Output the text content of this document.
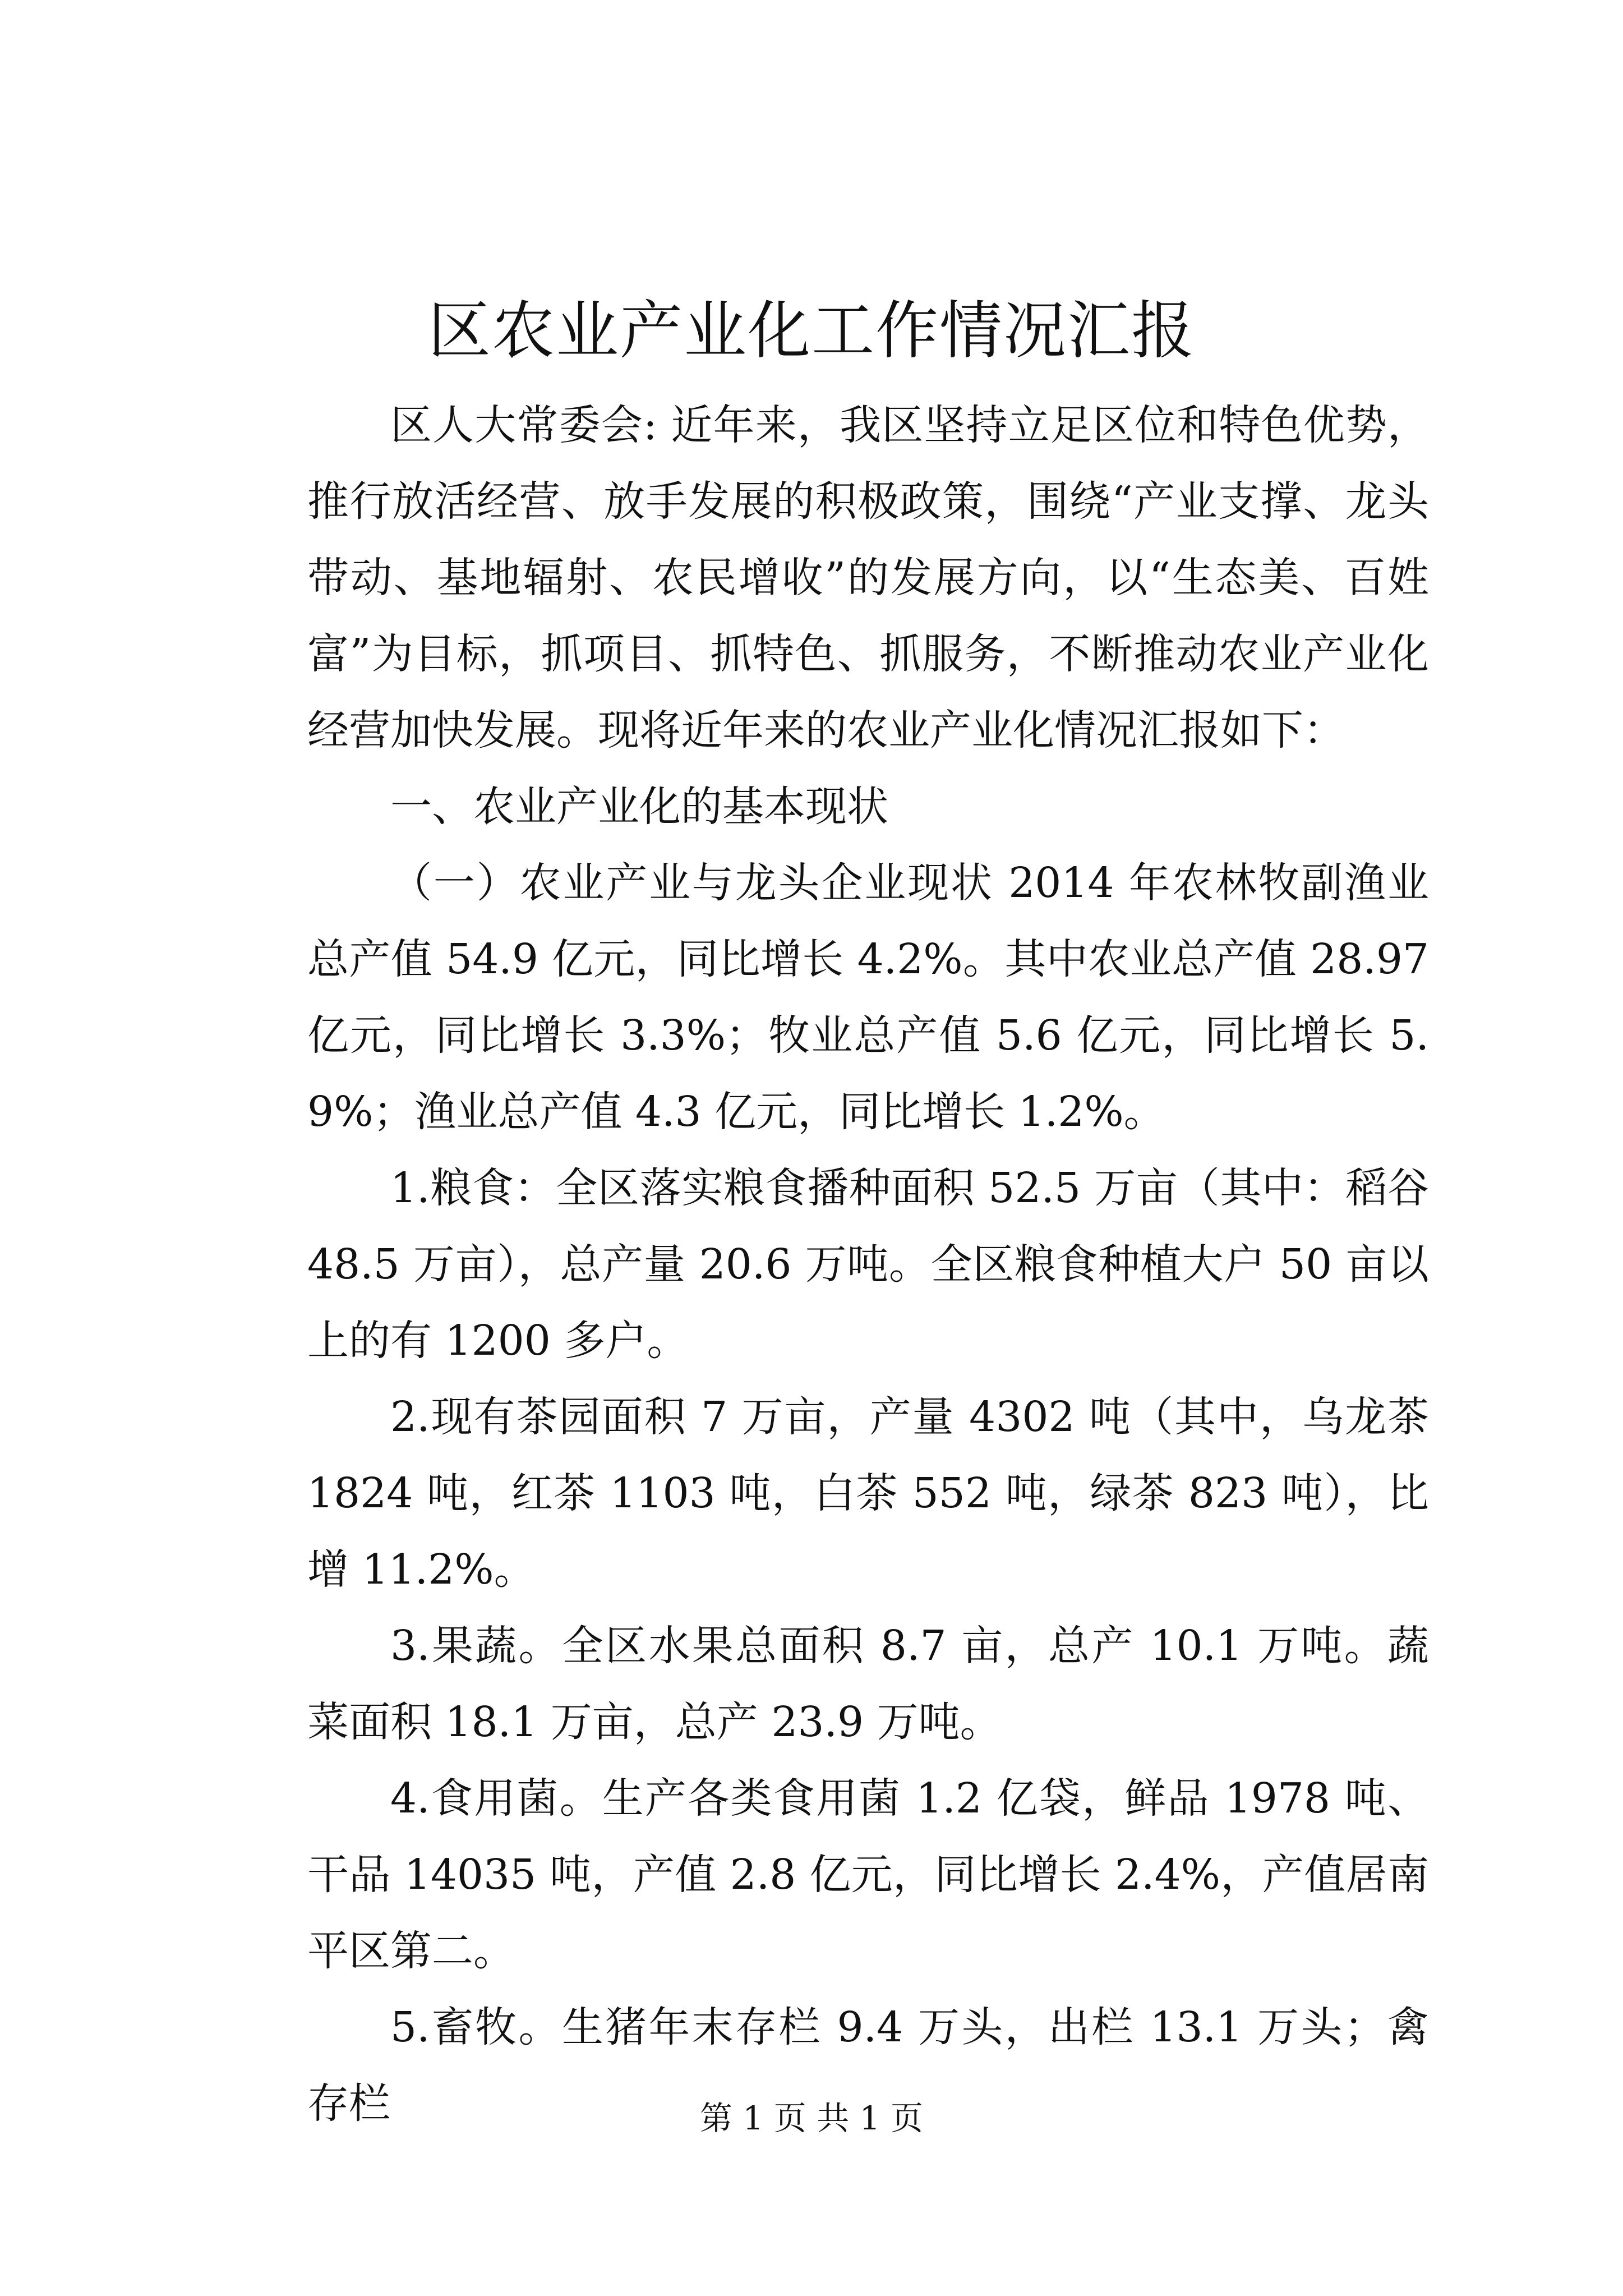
区农业产业化工作情况汇报

区人大常委会: 近年来，我区坚持立足区位和特色优势，推行放活经营、放手发展的积极政策，围绕“产业支撑、龙头带动、基地辐射、农民增收”的发展方向，以“生态美、百姓富”为目标，抓项目、抓特色、抓服务，不断推动农业产业化经营加快发展。现将近年来的农业产业化情况汇报如下：

一、农业产业化的基本现状

（一）农业产业与龙头企业现状 2014 年农林牧副渔业总产值 54.9 亿元，同比增长 4.2%。其中农业总产值 28.97 亿元，同比增长 3.3%；牧业总产值 5.6 亿元，同比增长 5.9%；渔业总产值 4.3 亿元，同比增长 1.2%。

1.粮食：全区落实粮食播种面积 52.5 万亩（其中：稻谷 48.5 万亩），总产量 20.6 万吨。全区粮食种植大户 50 亩以上的有 1200 多户。

2.现有茶园面积 7 万亩，产量 4302 吨（其中，乌龙茶 1824 吨，红茶 1103 吨，白茶 552 吨，绿茶 823 吨），比增 11.2%。

3.果蔬。全区水果总面积 8.7 亩，总产 10.1 万吨。蔬菜面积 18.1 万亩，总产 23.9 万吨。

4.食用菌。生产各类食用菌 1.2 亿袋，鲜品 1978 吨、干品 14035 吨，产值 2.8 亿元，同比增长 2.4%，产值居南平区第二。

5.畜牧。生猪年末存栏 9.4 万头，出栏 13.1 万头；禽存栏	第 1 页 共 1 页
